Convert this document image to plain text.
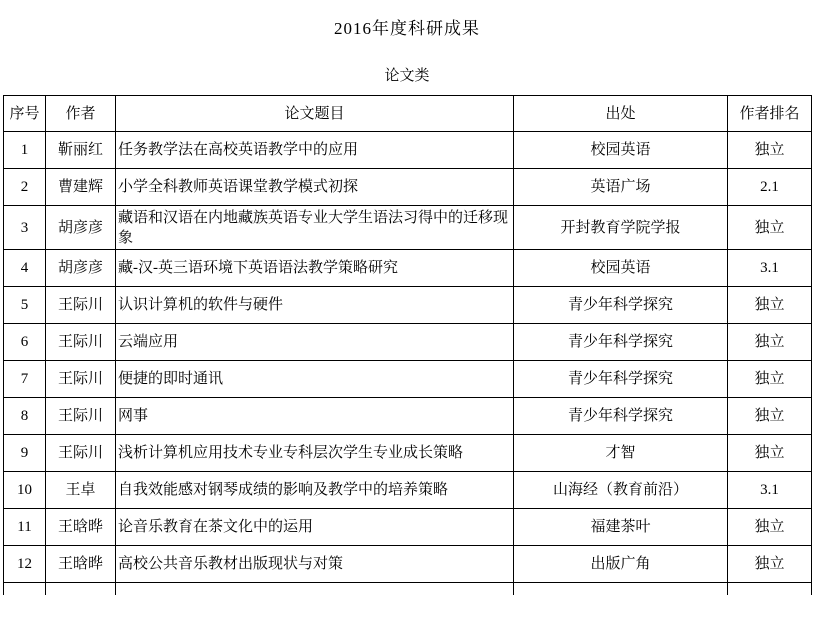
2016年度科研成果
论文类
序号	作者	论文题目	出处	作者排名
1	靳丽红	任务教学法在高校英语教学中的应用	校园英语	独立
2	曹建辉	小学全科教师英语课堂教学模式初探	英语广场	2.1
3	胡彦彦	藏语和汉语在内地藏族英语专业大学生语法习得中的迁移现象	开封教育学院学报	独立
4	胡彦彦	藏-汉-英三语环境下英语语法教学策略研究	校园英语	3.1
5	王际川	认识计算机的软件与硬件	青少年科学探究	独立
6	王际川	云端应用	青少年科学探究	独立
7	王际川	便捷的即时通讯	青少年科学探究	独立
8	王际川	网事	青少年科学探究	独立
9	王际川	浅析计算机应用技术专业专科层次学生专业成长策略	才智	独立
10	王卓	自我效能感对钢琴成绩的影响及教学中的培养策略	山海经（教育前沿）	3.1
11	王晗晔	论音乐教育在茶文化中的运用	福建茶叶	独立
12	王晗晔	高校公共音乐教材出版现状与对策	出版广角	独立
